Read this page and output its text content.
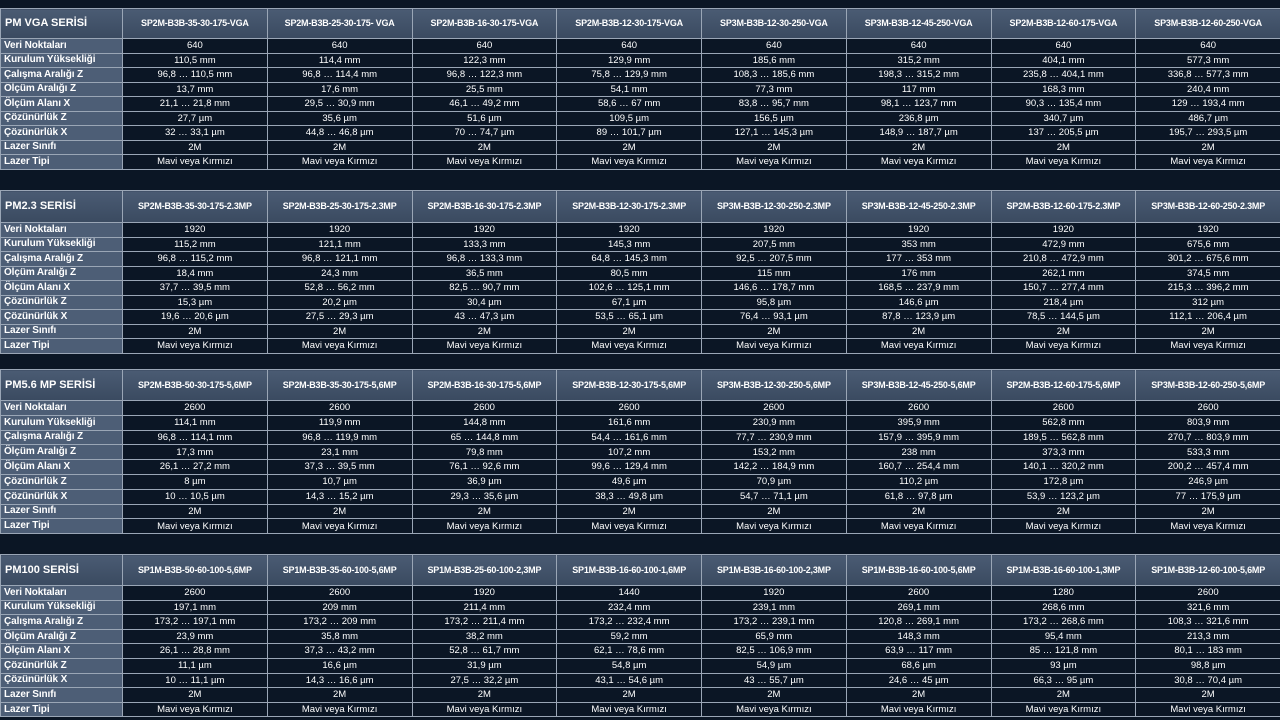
PM VGA SERİSİ	SP2M-B3B-35-30-175-VGA	SP2M-B3B-25-30-175- VGA	SP2M-B3B-16-30-175-VGA	SP2M-B3B-12-30-175-VGA	SP3M-B3B-12-30-250-VGA	SP3M-B3B-12-45-250-VGA	SP2M-B3B-12-60-175-VGA	SP3M-B3B-12-60-250-VGA
Veri Noktaları	640	640	640	640	640	640	640	640
Kurulum Yüksekliği	110,5 mm	114,4 mm	122,3 mm	129,9 mm	185,6 mm	315,2 mm	404,1 mm	577,3 mm
Çalışma Aralığı Z	96,8 … 110,5 mm	96,8 … 114,4 mm	96,8 … 122,3 mm	75,8 … 129,9 mm	108,3 … 185,6 mm	198,3 … 315,2 mm	235,8 … 404,1 mm	336,8 … 577,3 mm
Ölçüm Aralığı Z	13,7 mm	17,6 mm	25,5 mm	54,1 mm	77,3 mm	117 mm	168,3 mm	240,4 mm
Ölçüm Alanı X	21,1 … 21,8 mm	29,5 … 30,9 mm	46,1 … 49,2 mm	58,6 … 67 mm	83,8 … 95,7 mm	98,1 … 123,7 mm	90,3 … 135,4 mm	129 … 193,4 mm
Çözünürlük Z	27,7 µm	35,6 µm	51,6 µm	109,5 µm	156,5 µm	236,8 µm	340,7 µm	486,7 µm
Çözünürlük X	32 … 33,1 µm	44,8 … 46,8 µm	70 … 74,7 µm	89 … 101,7 µm	127,1 … 145,3 µm	148,9 … 187,7 µm	137 … 205,5 µm	195,7 … 293,5 µm
Lazer Sınıfı	2M	2M	2M	2M	2M	2M	2M	2M
Lazer Tipi	Mavi veya Kırmızı	Mavi veya Kırmızı	Mavi veya Kırmızı	Mavi veya Kırmızı	Mavi veya Kırmızı	Mavi veya Kırmızı	Mavi veya Kırmızı	Mavi veya Kırmızı
PM2.3 SERİSİ	SP2M-B3B-35-30-175-2.3MP	SP2M-B3B-25-30-175-2.3MP	SP2M-B3B-16-30-175-2.3MP	SP2M-B3B-12-30-175-2.3MP	SP3M-B3B-12-30-250-2.3MP	SP3M-B3B-12-45-250-2.3MP	SP2M-B3B-12-60-175-2.3MP	SP3M-B3B-12-60-250-2.3MP
Veri Noktaları	1920	1920	1920	1920	1920	1920	1920	1920
Kurulum Yüksekliği	115,2 mm	121,1 mm	133,3 mm	145,3 mm	207,5 mm	353 mm	472,9 mm	675,6 mm
Çalışma Aralığı Z	96,8 … 115,2 mm	96,8 … 121,1 mm	96,8 … 133,3 mm	64,8 … 145,3 mm	92,5 … 207,5 mm	177 … 353 mm	210,8 … 472,9 mm	301,2 … 675,6 mm
Ölçüm Aralığı Z	18,4 mm	24,3 mm	36,5 mm	80,5 mm	115 mm	176 mm	262,1 mm	374,5 mm
Ölçüm Alanı X	37,7 … 39,5 mm	52,8 … 56,2 mm	82,5 … 90,7 mm	102,6 … 125,1 mm	146,6 … 178,7 mm	168,5 … 237,9 mm	150,7 … 277,4 mm	215,3 … 396,2 mm
Çözünürlük Z	15,3 µm	20,2 µm	30,4 µm	67,1 µm	95,8 µm	146,6 µm	218,4 µm	312 µm
Çözünürlük X	19,6 … 20,6 µm	27,5 … 29,3 µm	43 … 47,3 µm	53,5 … 65,1 µm	76,4 … 93,1 µm	87,8 … 123,9 µm	78,5 … 144,5 µm	112,1 … 206,4 µm
Lazer Sınıfı	2M	2M	2M	2M	2M	2M	2M	2M
Lazer Tipi	Mavi veya Kırmızı	Mavi veya Kırmızı	Mavi veya Kırmızı	Mavi veya Kırmızı	Mavi veya Kırmızı	Mavi veya Kırmızı	Mavi veya Kırmızı	Mavi veya Kırmızı
PM5.6 MP SERİSİ	SP2M-B3B-50-30-175-5,6MP	SP2M-B3B-35-30-175-5,6MP	SP2M-B3B-16-30-175-5,6MP	SP2M-B3B-12-30-175-5,6MP	SP3M-B3B-12-30-250-5,6MP	SP3M-B3B-12-45-250-5,6MP	SP2M-B3B-12-60-175-5,6MP	SP3M-B3B-12-60-250-5,6MP
Veri Noktaları	2600	2600	2600	2600	2600	2600	2600	2600
Kurulum Yüksekliği	114,1 mm	119,9 mm	144,8 mm	161,6 mm	230,9 mm	395,9 mm	562,8 mm	803,9 mm
Çalışma Aralığı Z	96,8 … 114,1 mm	96,8 … 119,9 mm	65 … 144,8 mm	54,4 … 161,6 mm	77,7 … 230,9 mm	157,9 … 395,9 mm	189,5 … 562,8 mm	270,7 … 803,9 mm
Ölçüm Aralığı Z	17,3 mm	23,1 mm	79,8 mm	107,2 mm	153,2 mm	238 mm	373,3 mm	533,3 mm
Ölçüm Alanı X	26,1 … 27,2 mm	37,3 … 39,5 mm	76,1 … 92,6 mm	99,6 … 129,4 mm	142,2 … 184,9 mm	160,7 … 254,4 mm	140,1 … 320,2 mm	200,2 … 457,4 mm
Çözünürlük Z	8 µm	10,7 µm	36,9 µm	49,6 µm	70,9 µm	110,2 µm	172,8 µm	246,9 µm
Çözünürlük X	10 … 10,5 µm	14,3 … 15,2 µm	29,3 … 35,6 µm	38,3 … 49,8 µm	54,7 … 71,1 µm	61,8 … 97,8 µm	53,9 … 123,2 µm	77 … 175,9 µm
Lazer Sınıfı	2M	2M	2M	2M	2M	2M	2M	2M
Lazer Tipi	Mavi veya Kırmızı	Mavi veya Kırmızı	Mavi veya Kırmızı	Mavi veya Kırmızı	Mavi veya Kırmızı	Mavi veya Kırmızı	Mavi veya Kırmızı	Mavi veya Kırmızı
PM100 SERİSİ	SP1M-B3B-50-60-100-5,6MP	SP1M-B3B-35-60-100-5,6MP	SP1M-B3B-25-60-100-2,3MP	SP1M-B3B-16-60-100-1,6MP	SP1M-B3B-16-60-100-2,3MP	SP1M-B3B-16-60-100-5,6MP	SP1M-B3B-16-60-100-1,3MP	SP1M-B3B-12-60-100-5,6MP
Veri Noktaları	2600	2600	1920	1440	1920	2600	1280	2600
Kurulum Yüksekliği	197,1 mm	209 mm	211,4 mm	232,4 mm	239,1 mm	269,1 mm	268,6 mm	321,6 mm
Çalışma Aralığı Z	173,2 … 197,1 mm	173,2 … 209 mm	173,2 … 211,4 mm	173,2 … 232,4 mm	173,2 … 239,1 mm	120,8 … 269,1 mm	173,2 … 268,6 mm	108,3 … 321,6 mm
Ölçüm Aralığı Z	23,9 mm	35,8 mm	38,2 mm	59,2 mm	65,9 mm	148,3 mm	95,4 mm	213,3 mm
Ölçüm Alanı X	26,1 … 28,8 mm	37,3 … 43,2 mm	52,8 … 61,7 mm	62,1 … 78,6 mm	82,5 … 106,9 mm	63,9 … 117 mm	85 … 121,8 mm	80,1 … 183 mm
Çözünürlük Z	11,1 µm	16,6 µm	31,9 µm	54,8 µm	54,9 µm	68,6 µm	93 µm	98,8 µm
Çözünürlük X	10 … 11,1 µm	14,3 … 16,6 µm	27,5 … 32,2 µm	43,1 … 54,6 µm	43 … 55,7 µm	24,6 … 45 µm	66,3 … 95 µm	30,8 … 70,4 µm
Lazer Sınıfı	2M	2M	2M	2M	2M	2M	2M	2M
Lazer Tipi	Mavi veya Kırmızı	Mavi veya Kırmızı	Mavi veya Kırmızı	Mavi veya Kırmızı	Mavi veya Kırmızı	Mavi veya Kırmızı	Mavi veya Kırmızı	Mavi veya Kırmızı
